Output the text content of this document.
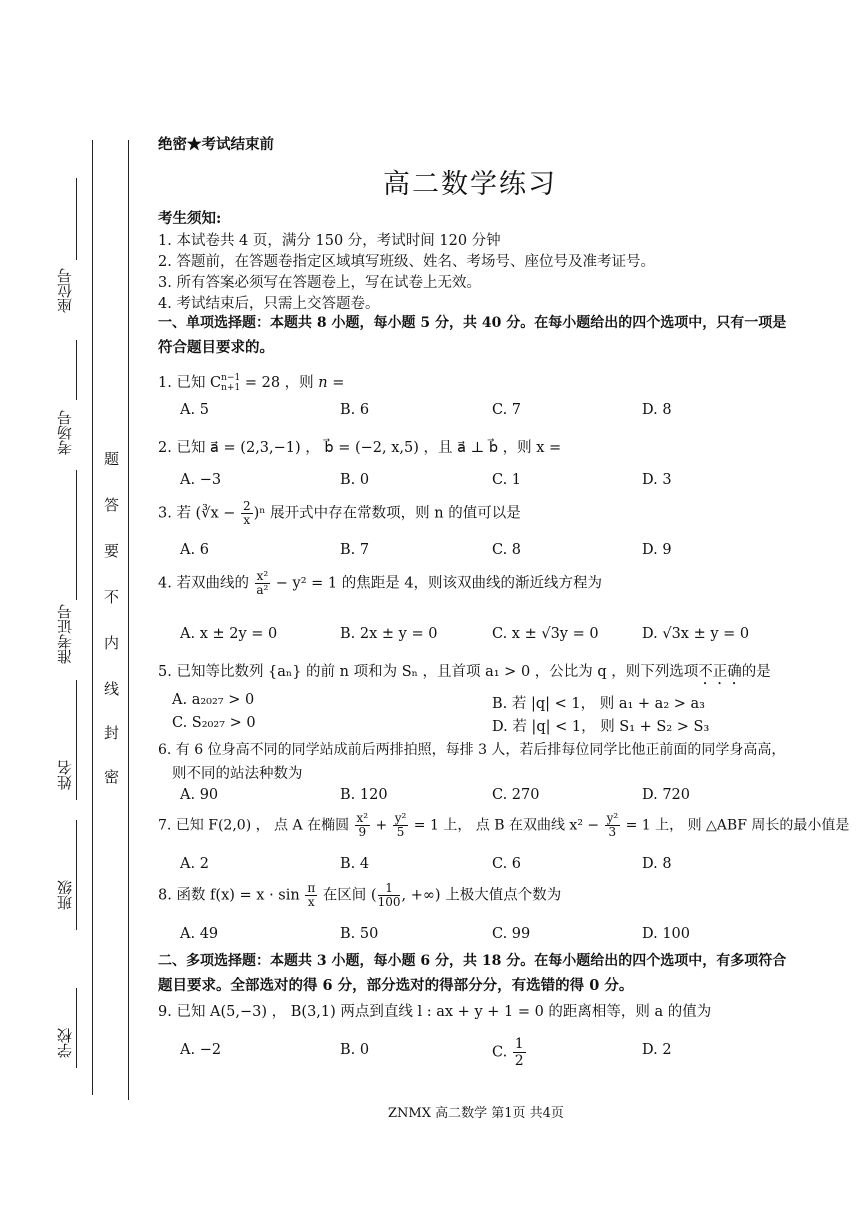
学校
班级
姓名
准考证号
考场号
座位号
题
答
要
不
内
线
封
密
绝密★考试结束前
高二数学练习
考生须知:
1. 本试卷共 4 页，满分 150 分，考试时间 120 分钟
2. 答题前，在答题卷指定区域填写班级、姓名、考场号、座位号及准考证号。
3. 所有答案必须写在答题卷上，写在试卷上无效。
4. 考试结束后，只需上交答题卷。
一、单项选择题：本题共 8 小题，每小题 5 分，共 40 分。在每小题给出的四个选项中，只有一项是
符合题目要求的。
1. 已知 C n−1
n+1 = 28 ，则 n =
A. 5	B. 6	C. 7	D. 8
2. 已知 a⃗ = (2,3,−1) ， b⃗ = (−2, x,5) ，且 a⃗ ⊥ b⃗ ，则 x =
A. −3	B. 0	C. 1	D. 3
3. 若 (∛x − $\frac{2}{x} )^n$ 展开式中存在常数项，则 n 的值可以是
A. 6	B. 7	C. 8	D. 9
4. 若双曲线的 $\frac{\text{x²}}{\text{a²}} - y^2 = 1$ 的焦距是 4，则该双曲线的渐近线方程为
A. x ± 2y = 0	B. 2x ± y = 0	C. x ± √3y = 0	D. √3x ± y = 0
5. 已知等比数列 {aₙ} 的前 n 项和为 Sₙ ，且首项 a₁ > 0 ，公比为 q ，则下列选项不正确的是
A. a₂₀₂₇ > 0	B. 若 |q| < 1， 则 a₁ + a₂ > a₃
C. S₂₀₂₇ > 0	D. 若 |q| < 1， 则 S₁ + S₂ > S₃
6. 有 6 位身高不同的同学站成前后两排拍照，每排 3 人，若后排每位同学比他正前面的同学身高高，
则不同的站法种数为
A. 90	B. 120	C. 270	D. 720
7. 已知 F(2,0) ， 点 A 在椭圆 $\frac{\text{x²}}{9} + \frac{\text{y²}}{5} = 1$ 上， 点 B 在双曲线 $x^2 - \frac{\text{y²}}{3} = 1$ 上， 则 △ABF 周长的最小值是
A. 2	B. 4	C. 6	D. 8
8. 函数 $f(x) = x \cdot \sin \frac{\pi}{x}$ 在区间 ( $\frac{1}{100}$ , +∞) 上极大值点个数为
A. 49	B. 50	C. 99	D. 100
二、多项选择题：本题共 3 小题，每小题 6 分，共 18 分。在每小题给出的四个选项中，有多项符合
题目要求。全部选对的得 6 分，部分选对的得部分分，有选错的得 0 分。
9. 已知 A(5,−3) ， B(3,1) 两点到直线 l : ax + y + 1 = 0 的距离相等，则 a 的值为
A. −2	B. 0	C. $\frac{1}{2}$	D. 2
ZNMX 高二数学 第1页 共4页
